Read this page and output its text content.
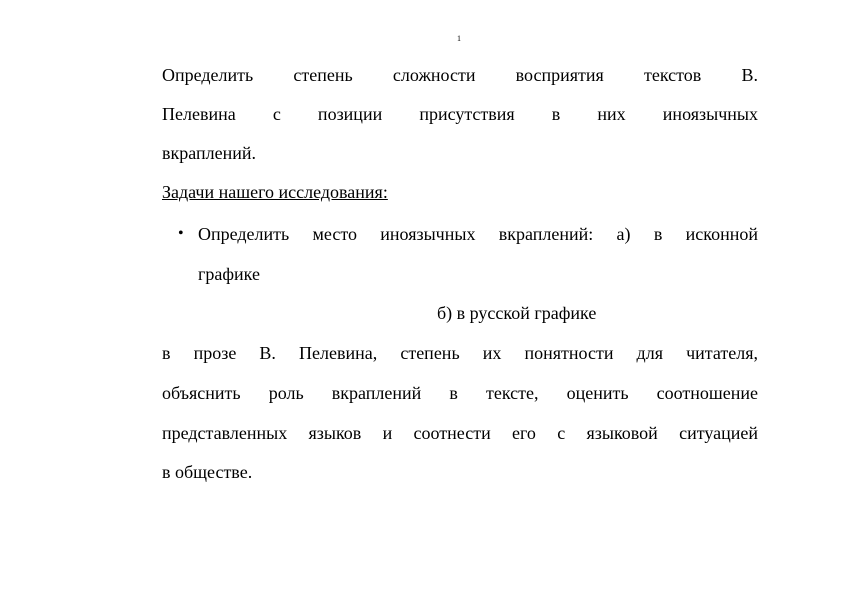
1
Определить степень сложности восприятия текстов В.
Пелевина с позиции присутствия в них иноязычных
вкраплений.
Задачи нашего исследования:
• Определить место иноязычных вкраплений: а) в исконной
графике
б) в русской графике
в прозе В. Пелевина, степень их понятности для читателя,
объяснить роль вкраплений в тексте, оценить соотношение
представленных языков и соотнести его с языковой ситуацией
в обществе.
